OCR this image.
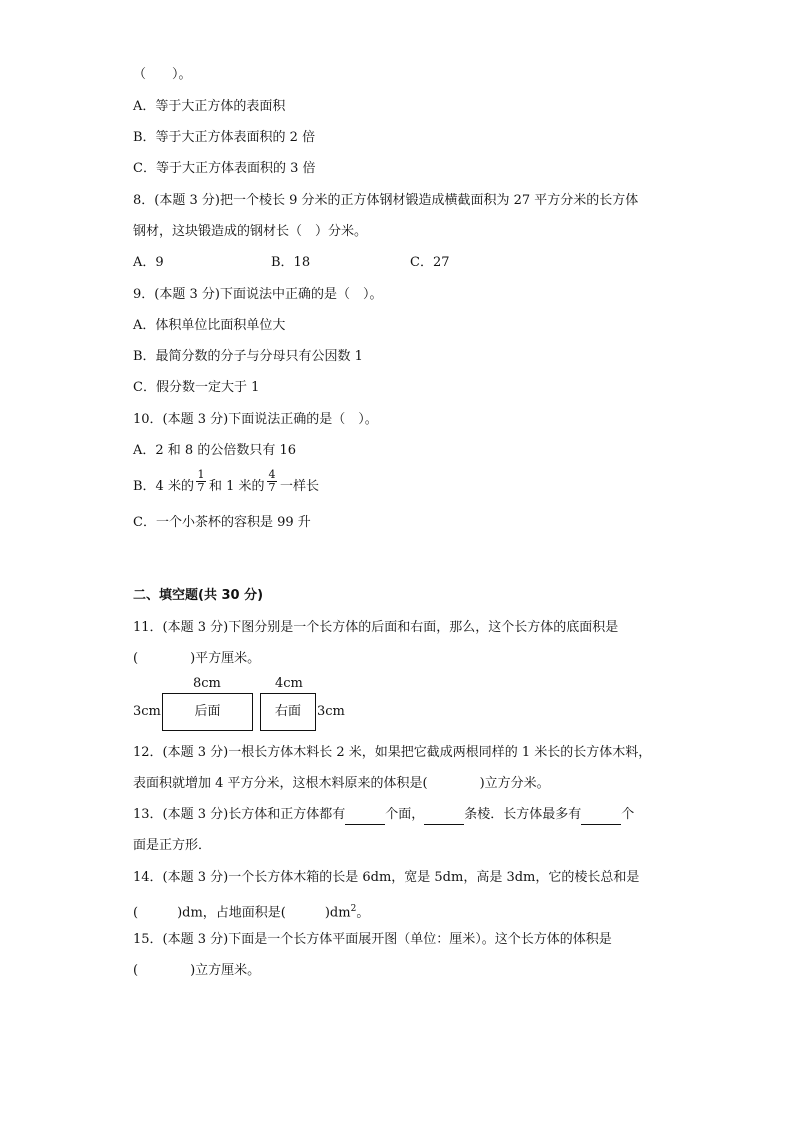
（　　）。
A．等于大正方体的表面积
B．等于大正方体表面积的 2 倍
C．等于大正方体表面积的 3 倍
8．(本题 3 分)把一个棱长 9 分米的正方体钢材锻造成横截面积为 27 平方分米的长方体
钢材，这块锻造成的钢材长（　）分米。
A．9	B．18	C．27
9．(本题 3 分)下面说法中正确的是（　）。
A．体积单位比面积单位大
B．最简分数的分子与分母只有公因数 1
C．假分数一定大于 1
10．(本题 3 分)下面说法正确的是（　）。
A．2 和 8 的公倍数只有 16
B．4 米的 $\frac{1}{7}$ 和 1 米的 $\frac{4}{7}$ 一样长
C．一个小茶杯的容积是 99 升
二、填空题(共 30 分)
11．(本题 3 分)下图分别是一个长方体的后面和右面，那么，这个长方体的底面积是
(　　　　)平方厘米。
8cm	4cm
3cm	后面	右面	3cm
12．(本题 3 分)一根长方体木料长 2 米，如果把它截成两根同样的 1 米长的长方体木料，
表面积就增加 4 平方分米，这根木料原来的体积是(　　　　)立方分米。
13．(本题 3 分)长方体和正方体都有	个面，	条棱．长方体最多有	个
面是正方形．
14．(本题 3 分)一个长方体木箱的长是 6dm，宽是 5dm，高是 3dm，它的棱长总和是
(　　　)dm，占地面积是(　　　)$dm^2$。
15．(本题 3 分)下面是一个长方体平面展开图（单位：厘米）。这个长方体的体积是
(　　　　)立方厘米。
